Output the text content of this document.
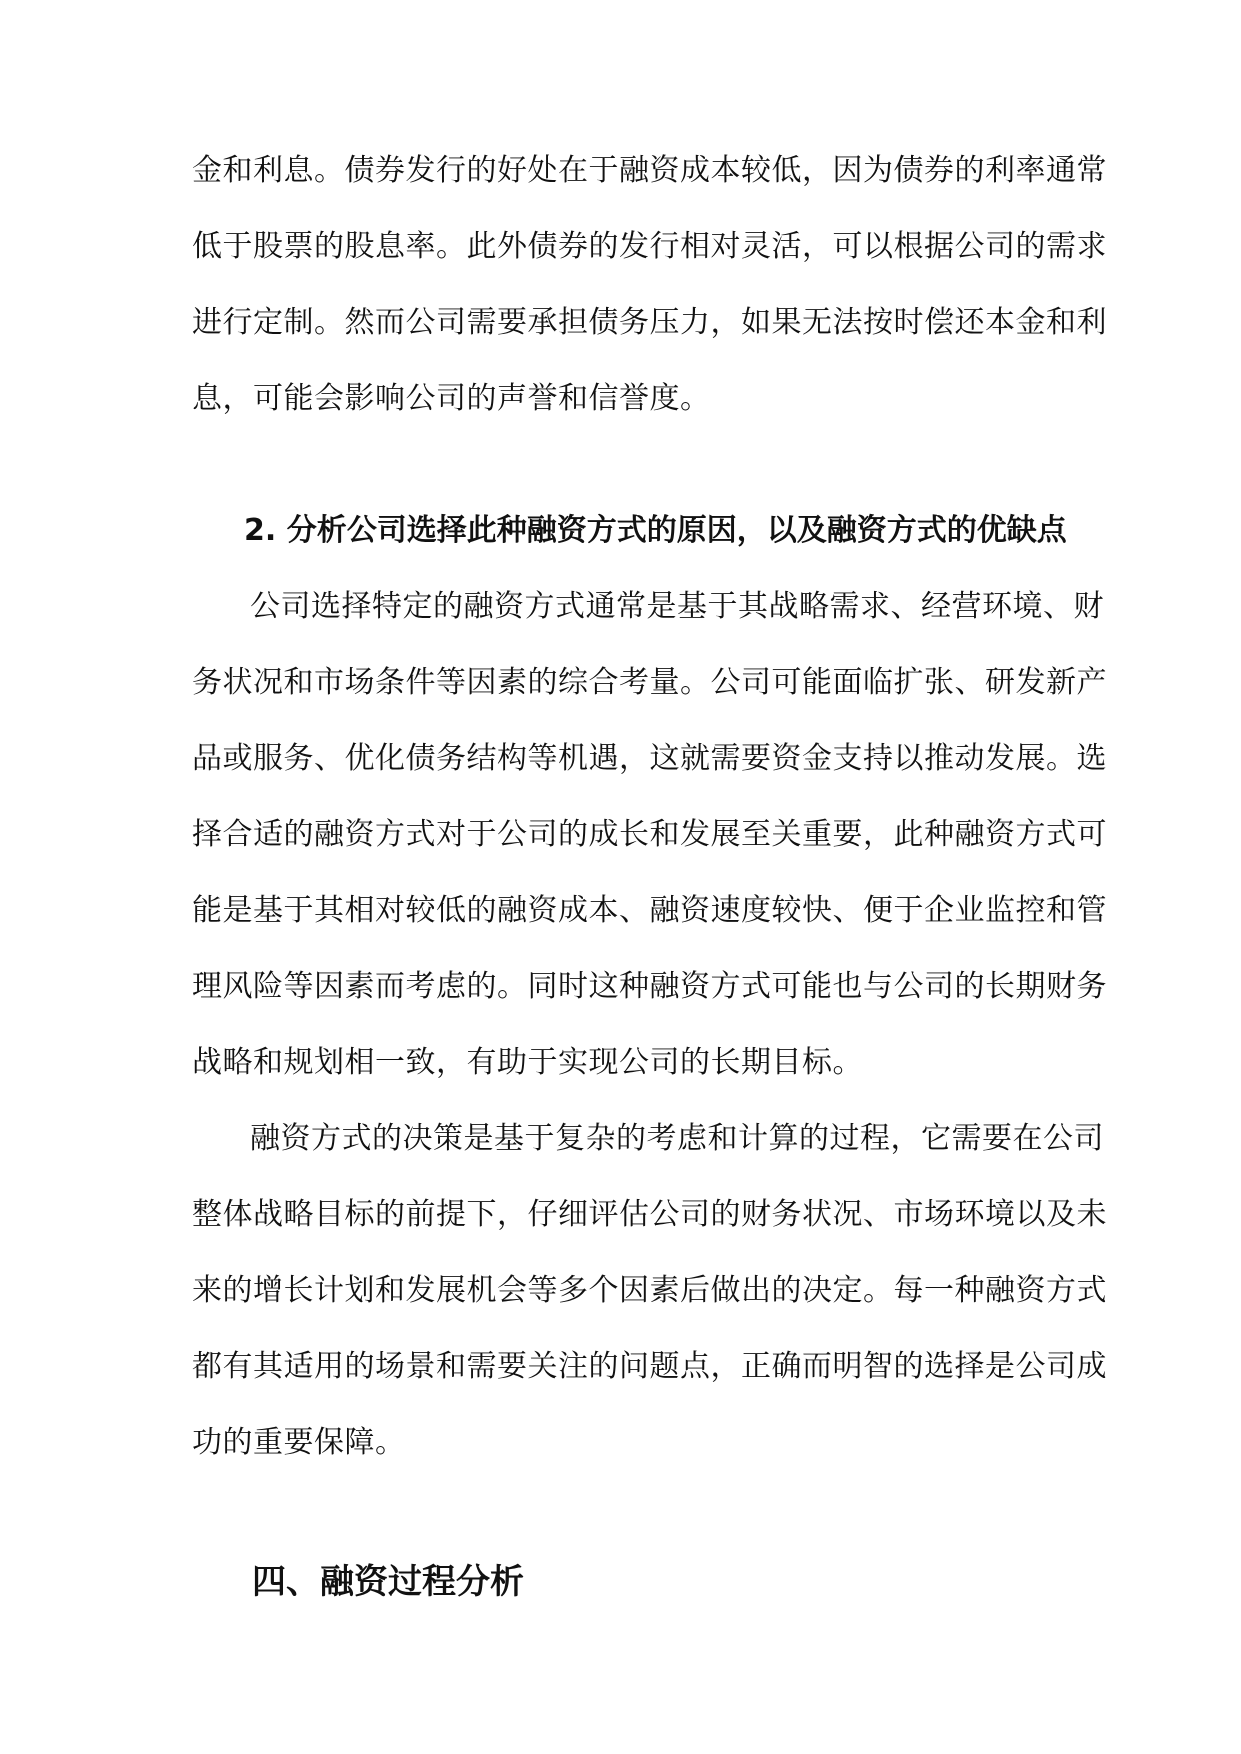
金和利息。债券发行的好处在于融资成本较低，因为债券的利率通常
低于股票的股息率。此外债券的发行相对灵活，可以根据公司的需求
进行定制。然而公司需要承担债务压力，如果无法按时偿还本金和利
息，可能会影响公司的声誉和信誉度。
2. 分析公司选择此种融资方式的原因，以及融资方式的优缺点
公司选择特定的融资方式通常是基于其战略需求、经营环境、财
务状况和市场条件等因素的综合考量。公司可能面临扩张、研发新产
品或服务、优化债务结构等机遇，这就需要资金支持以推动发展。选
择合适的融资方式对于公司的成长和发展至关重要，此种融资方式可
能是基于其相对较低的融资成本、融资速度较快、便于企业监控和管
理风险等因素而考虑的。同时这种融资方式可能也与公司的长期财务
战略和规划相一致，有助于实现公司的长期目标。
融资方式的决策是基于复杂的考虑和计算的过程，它需要在公司
整体战略目标的前提下，仔细评估公司的财务状况、市场环境以及未
来的增长计划和发展机会等多个因素后做出的决定。每一种融资方式
都有其适用的场景和需要关注的问题点，正确而明智的选择是公司成
功的重要保障。
四、融资过程分析
